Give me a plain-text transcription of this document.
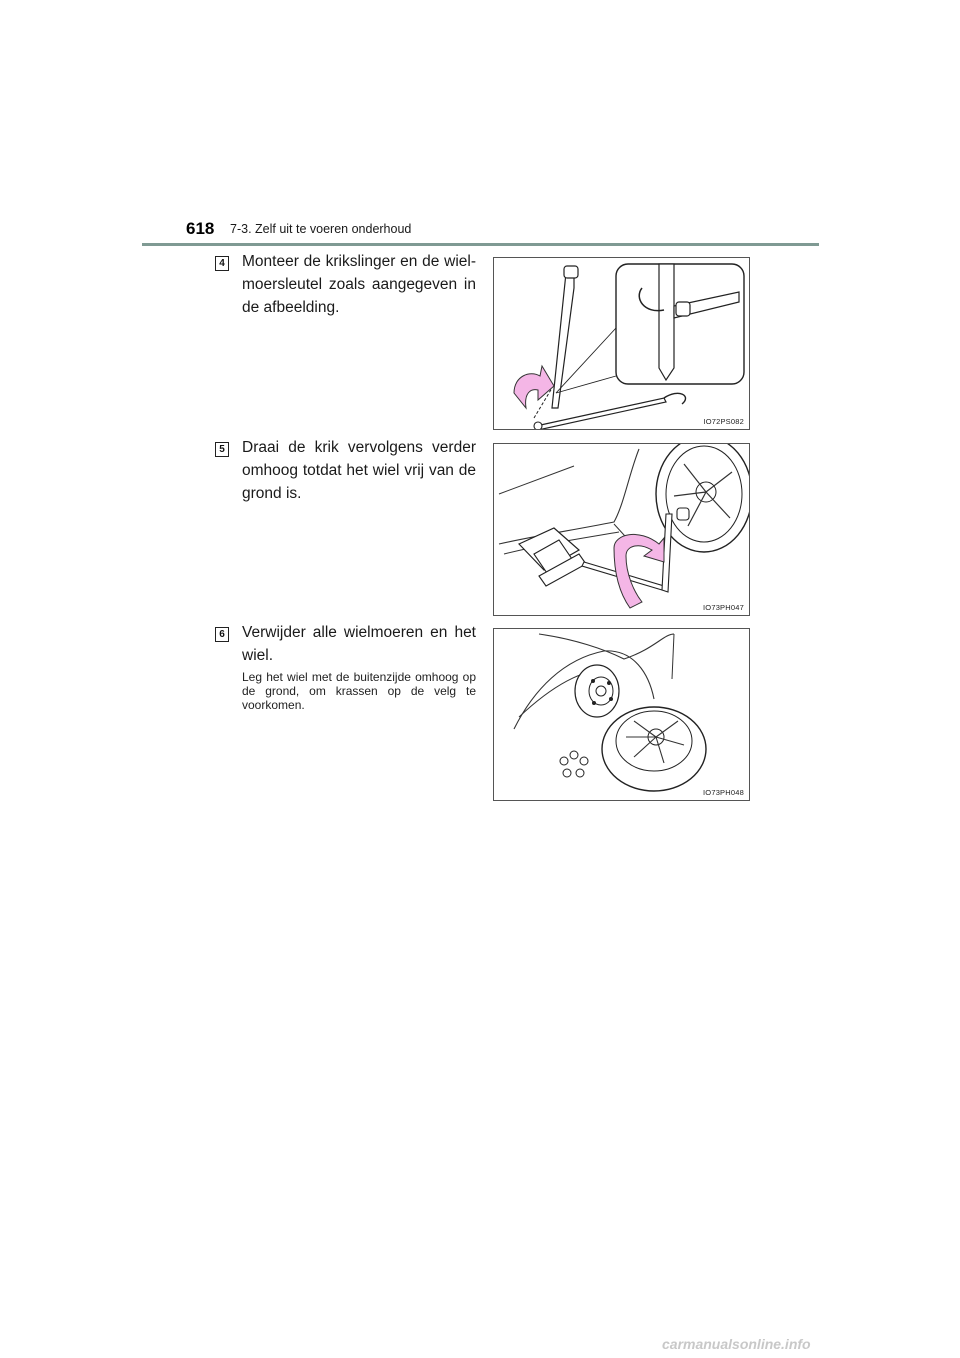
618 7-3. Zelf uit te voeren onderhoud
4 Monteer de krikslinger en de wiel-moersleutel zoals aangegeven in de afbeelding.

IO72PS082
5 Draai de krik vervolgens verder omhoog totdat het wiel vrij van de grond is.

IO73PH047
6 Verwijder alle wielmoeren en het wiel.

Leg het wiel met de buitenzijde omhoog op de grond, om krassen op de velg te voorkomen.

IO73PH048
carmanualsonline.info
